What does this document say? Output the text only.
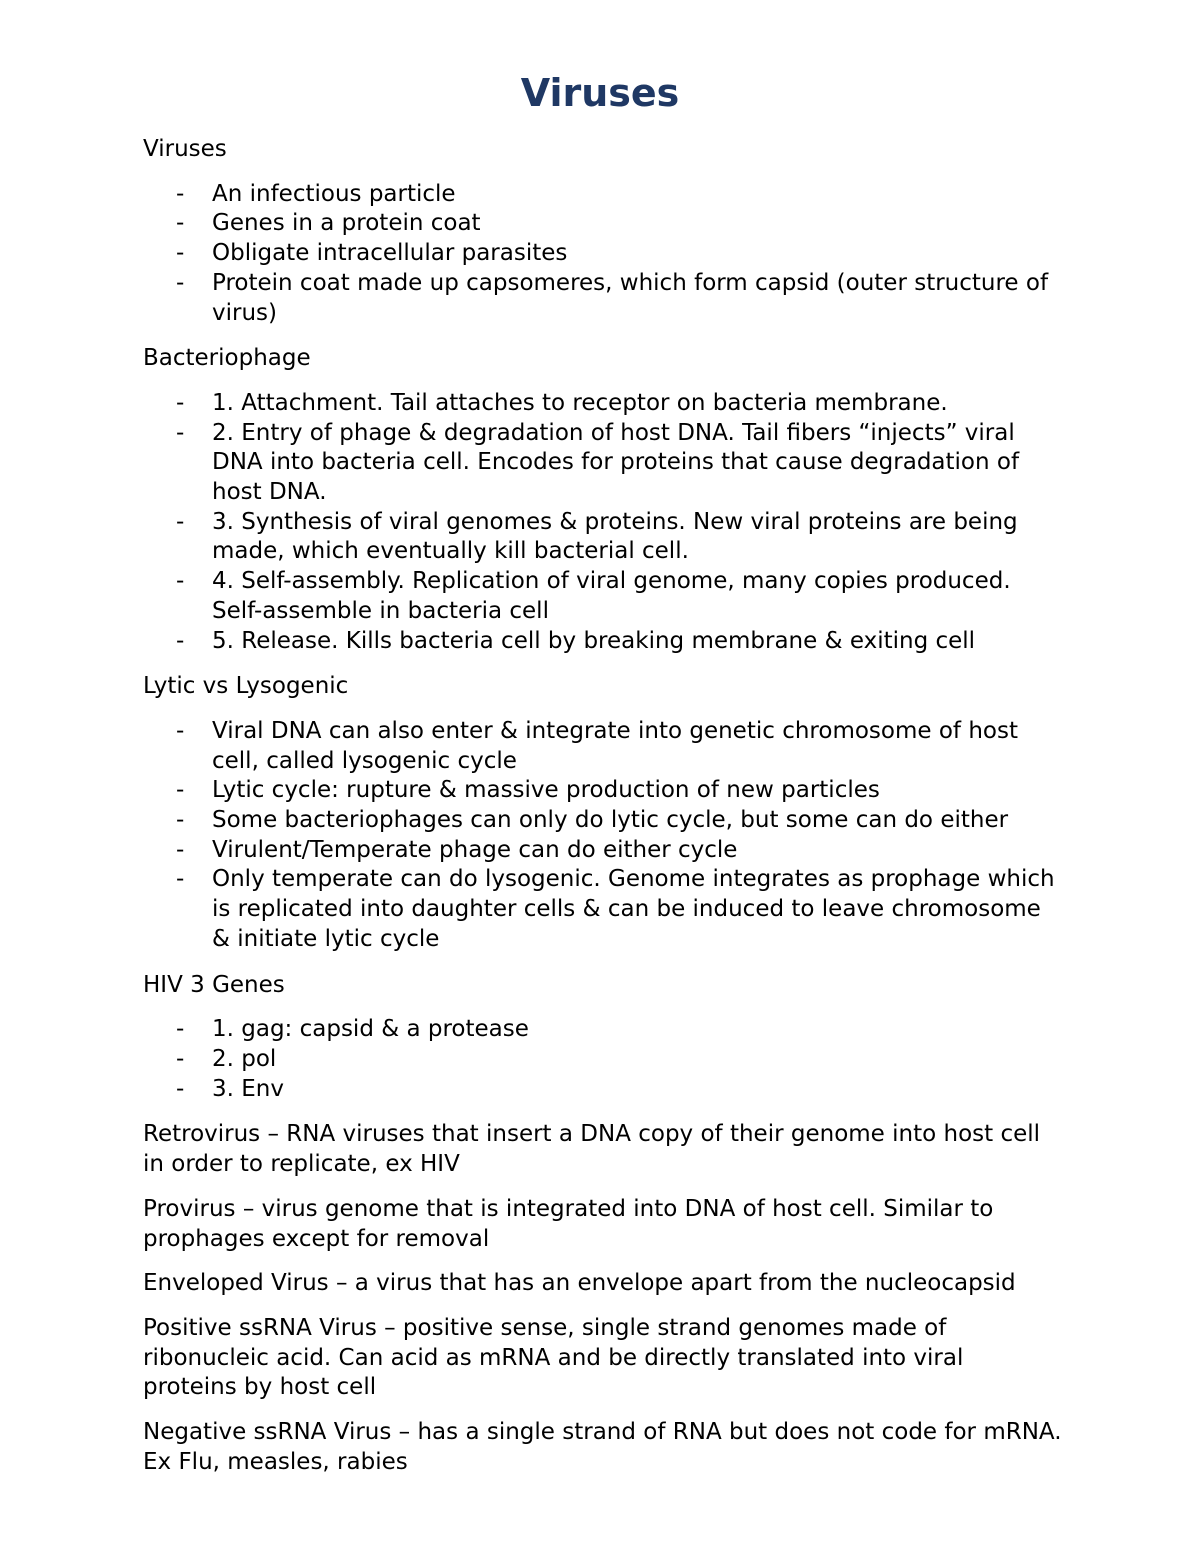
Viruses

Viruses

- An infectious particle
- Genes in a protein coat
- Obligate intracellular parasites
- Protein coat made up capsomeres, which form capsid (outer structure of virus)

Bacteriophage

- 1. Attachment. Tail attaches to receptor on bacteria membrane.
- 2. Entry of phage & degradation of host DNA. Tail fibers “injects” viral DNA into bacteria cell. Encodes for proteins that cause degradation of host DNA.
- 3. Synthesis of viral genomes & proteins. New viral proteins are being made, which eventually kill bacterial cell.
- 4. Self-assembly. Replication of viral genome, many copies produced. Self-assemble in bacteria cell
- 5. Release. Kills bacteria cell by breaking membrane & exiting cell

Lytic vs Lysogenic

- Viral DNA can also enter & integrate into genetic chromosome of host cell, called lysogenic cycle
- Lytic cycle: rupture & massive production of new particles
- Some bacteriophages can only do lytic cycle, but some can do either
- Virulent/Temperate phage can do either cycle
- Only temperate can do lysogenic. Genome integrates as prophage which is replicated into daughter cells & can be induced to leave chromosome & initiate lytic cycle

HIV 3 Genes

- 1. gag: capsid & a protease
- 2. pol
- 3. Env

Retrovirus – RNA viruses that insert a DNA copy of their genome into host cell in order to replicate, ex HIV

Provirus – virus genome that is integrated into DNA of host cell. Similar to prophages except for removal

Enveloped Virus – a virus that has an envelope apart from the nucleocapsid

Positive ssRNA Virus – positive sense, single strand genomes made of ribonucleic acid. Can acid as mRNA and be directly translated into viral proteins by host cell

Negative ssRNA Virus – has a single strand of RNA but does not code for mRNA. Ex Flu, measles, rabies
